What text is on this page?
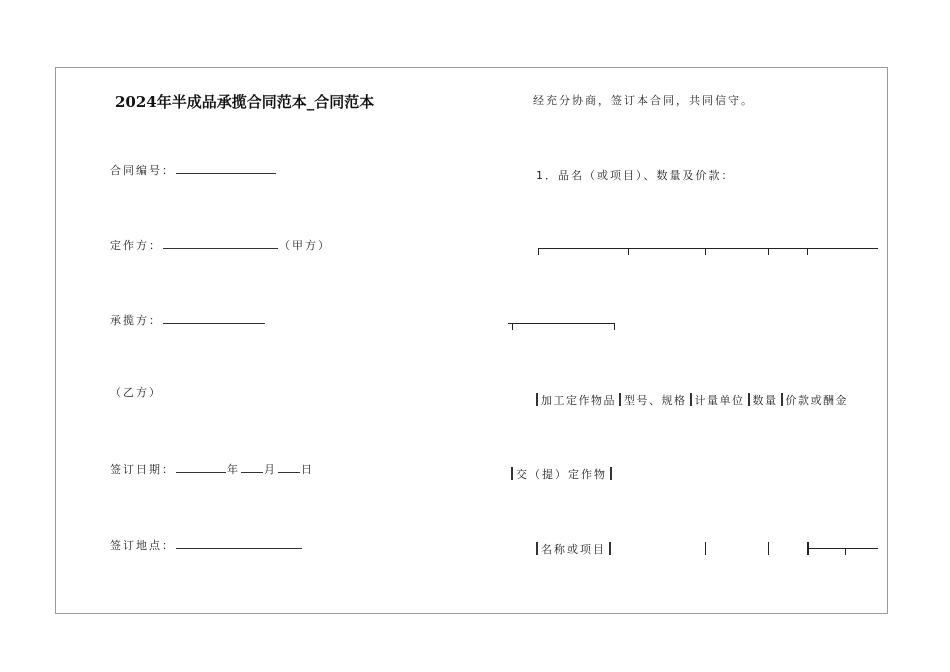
2024年半成品承揽合同范本_合同范本
合同编号：
定作方：	（甲方）
承揽方：
（乙方）
签订日期：	年 月 日
签订地点：
经充分协商，签订本合同，共同信守。
1．品名（或项目）、数量及价款：
加工定作物品 型号、规格 计量单位 数量 价款或酬金
交（提）定作物
名称或项目
